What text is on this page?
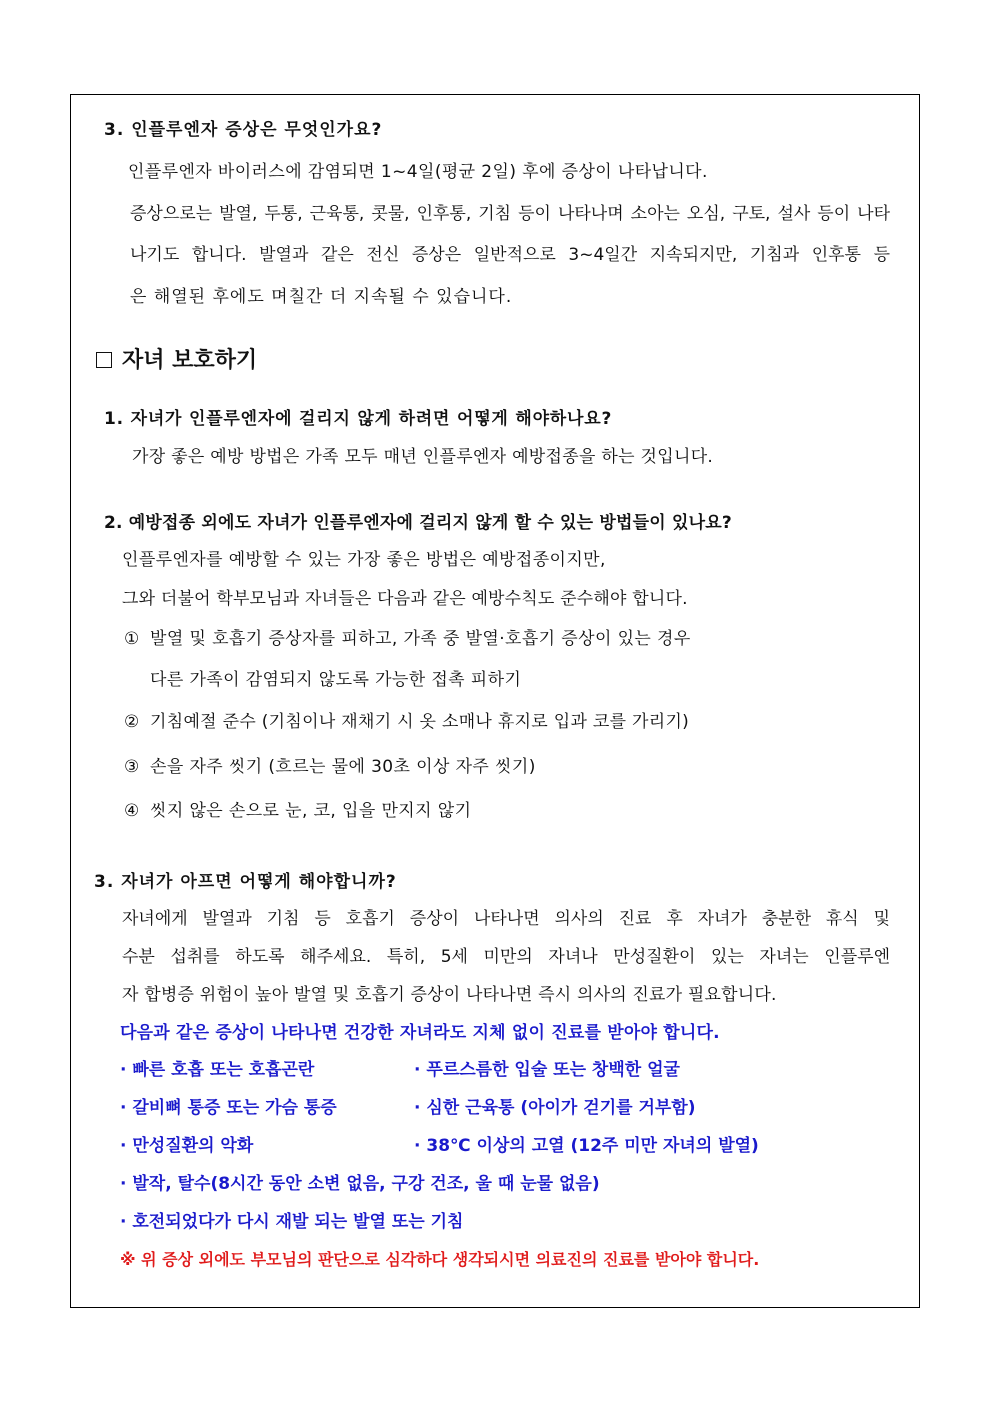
3. 인플루엔자 증상은 무엇인가요?
인플루엔자 바이러스에 감염되면 1~4일(평균 2일) 후에 증상이 나타납니다.
증상으로는 발열, 두통, 근육통, 콧물, 인후통, 기침 등이 나타나며 소아는 오심, 구토, 설사 등이 나타
나기도 합니다. 발열과 같은 전신 증상은 일반적으로 3~4일간 지속되지만, 기침과 인후통 등
은 해열된 후에도 며칠간 더 지속될 수 있습니다.
자녀 보호하기
1. 자녀가 인플루엔자에 걸리지 않게 하려면 어떻게 해야하나요?
가장 좋은 예방 방법은 가족 모두 매년 인플루엔자 예방접종을 하는 것입니다.
2. 예방접종 외에도 자녀가 인플루엔자에 걸리지 않게 할 수 있는 방법들이 있나요?
인플루엔자를 예방할 수 있는 가장 좋은 방법은 예방접종이지만,
그와 더불어 학부모님과 자녀들은 다음과 같은 예방수칙도 준수해야 합니다.
① 발열 및 호흡기 증상자를 피하고, 가족 중 발열·호흡기 증상이 있는 경우
다른 가족이 감염되지 않도록 가능한 접촉 피하기
② 기침예절 준수 (기침이나 재채기 시 옷 소매나 휴지로 입과 코를 가리기)
③ 손을 자주 씻기 (흐르는 물에 30초 이상 자주 씻기)
④ 씻지 않은 손으로 눈, 코, 입을 만지지 않기
3. 자녀가 아프면 어떻게 해야합니까?
자녀에게 발열과 기침 등 호흡기 증상이 나타나면 의사의 진료 후 자녀가 충분한 휴식 및
수분 섭취를 하도록 해주세요. 특히, 5세 미만의 자녀나 만성질환이 있는 자녀는 인플루엔
자 합병증 위험이 높아 발열 및 호흡기 증상이 나타나면 즉시 의사의 진료가 필요합니다.
다음과 같은 증상이 나타나면 건강한 자녀라도 지체 없이 진료를 받아야 합니다.
· 빠른 호흡 또는 호흡곤란	· 푸르스름한 입술 또는 창백한 얼굴
· 갈비뼈 통증 또는 가슴 통증	· 심한 근육통 (아이가 걷기를 거부함)
· 만성질환의 악화	· 38℃ 이상의 고열 (12주 미만 자녀의 발열)
· 발작, 탈수(8시간 동안 소변 없음, 구강 건조, 울 때 눈물 없음)
· 호전되었다가 다시 재발 되는 발열 또는 기침
※ 위 증상 외에도 부모님의 판단으로 심각하다 생각되시면 의료진의 진료를 받아야 합니다.
